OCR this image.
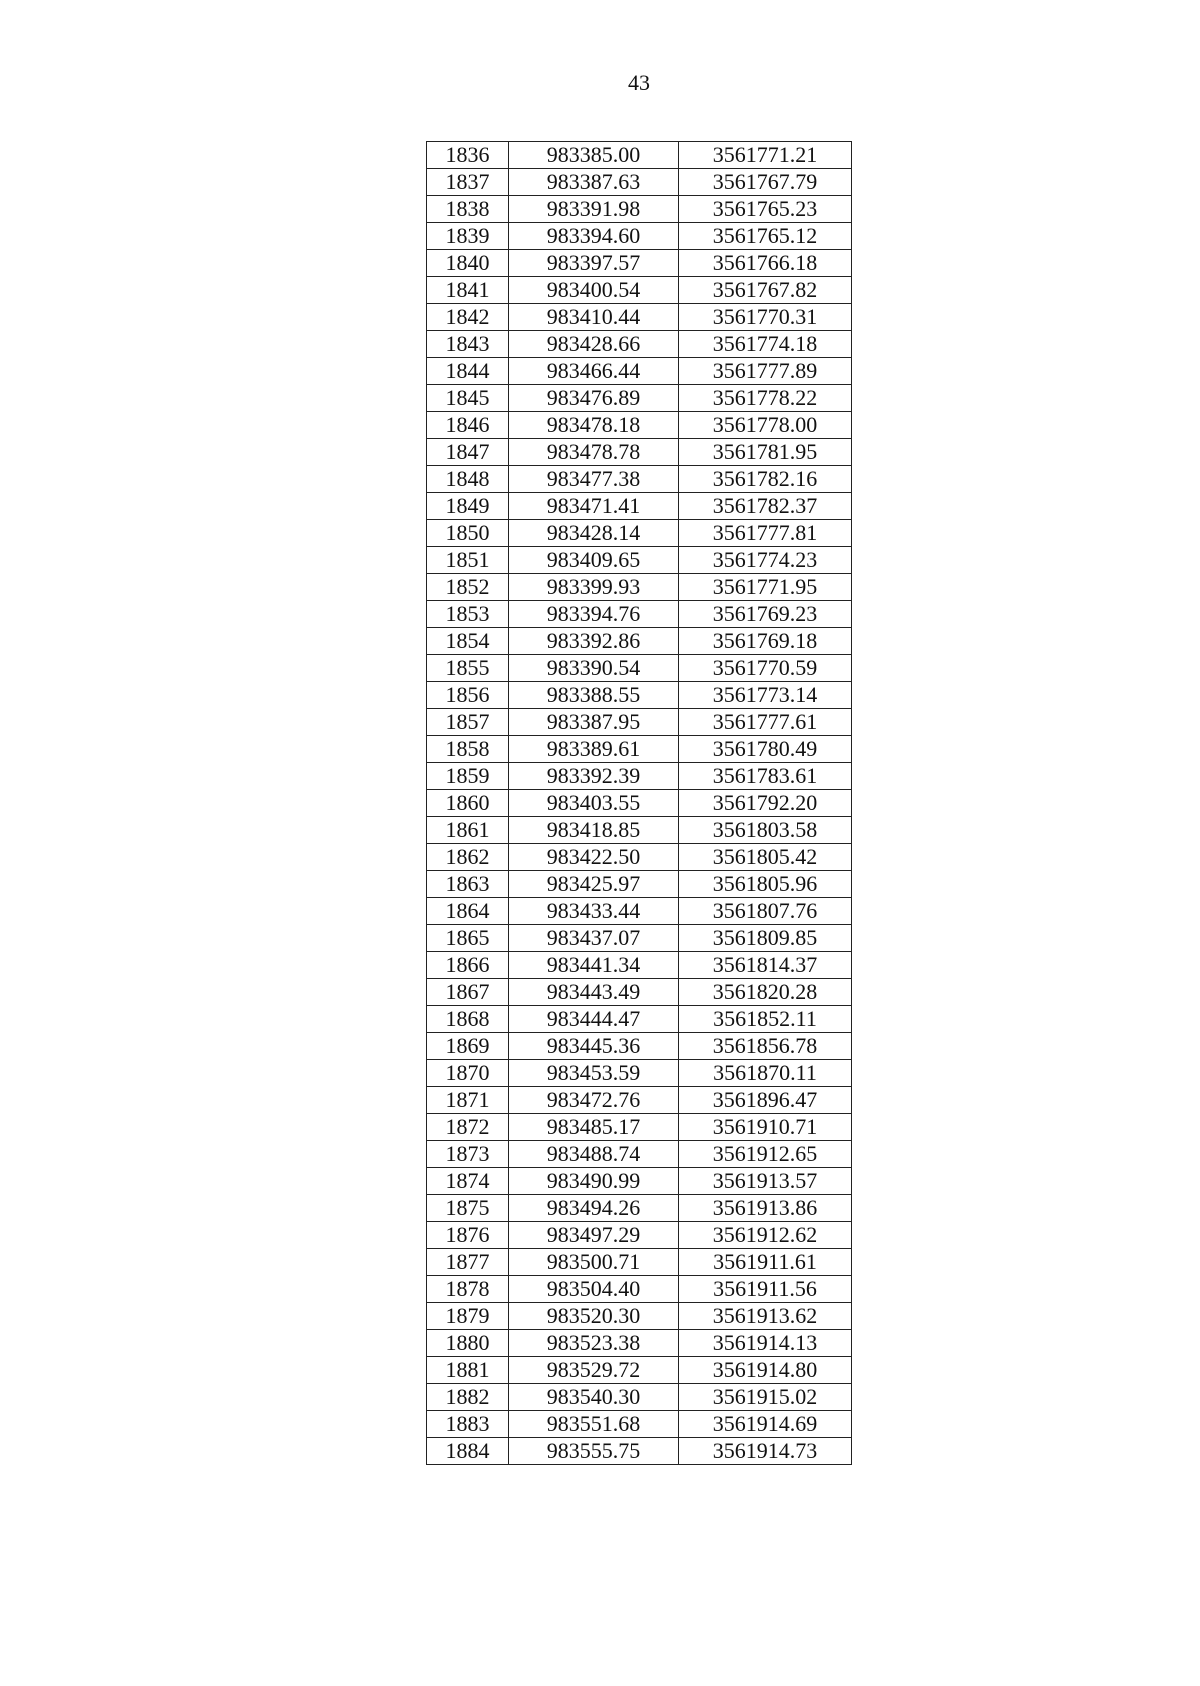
43
1836	983385.00	3561771.21
1837	983387.63	3561767.79
1838	983391.98	3561765.23
1839	983394.60	3561765.12
1840	983397.57	3561766.18
1841	983400.54	3561767.82
1842	983410.44	3561770.31
1843	983428.66	3561774.18
1844	983466.44	3561777.89
1845	983476.89	3561778.22
1846	983478.18	3561778.00
1847	983478.78	3561781.95
1848	983477.38	3561782.16
1849	983471.41	3561782.37
1850	983428.14	3561777.81
1851	983409.65	3561774.23
1852	983399.93	3561771.95
1853	983394.76	3561769.23
1854	983392.86	3561769.18
1855	983390.54	3561770.59
1856	983388.55	3561773.14
1857	983387.95	3561777.61
1858	983389.61	3561780.49
1859	983392.39	3561783.61
1860	983403.55	3561792.20
1861	983418.85	3561803.58
1862	983422.50	3561805.42
1863	983425.97	3561805.96
1864	983433.44	3561807.76
1865	983437.07	3561809.85
1866	983441.34	3561814.37
1867	983443.49	3561820.28
1868	983444.47	3561852.11
1869	983445.36	3561856.78
1870	983453.59	3561870.11
1871	983472.76	3561896.47
1872	983485.17	3561910.71
1873	983488.74	3561912.65
1874	983490.99	3561913.57
1875	983494.26	3561913.86
1876	983497.29	3561912.62
1877	983500.71	3561911.61
1878	983504.40	3561911.56
1879	983520.30	3561913.62
1880	983523.38	3561914.13
1881	983529.72	3561914.80
1882	983540.30	3561915.02
1883	983551.68	3561914.69
1884	983555.75	3561914.73
